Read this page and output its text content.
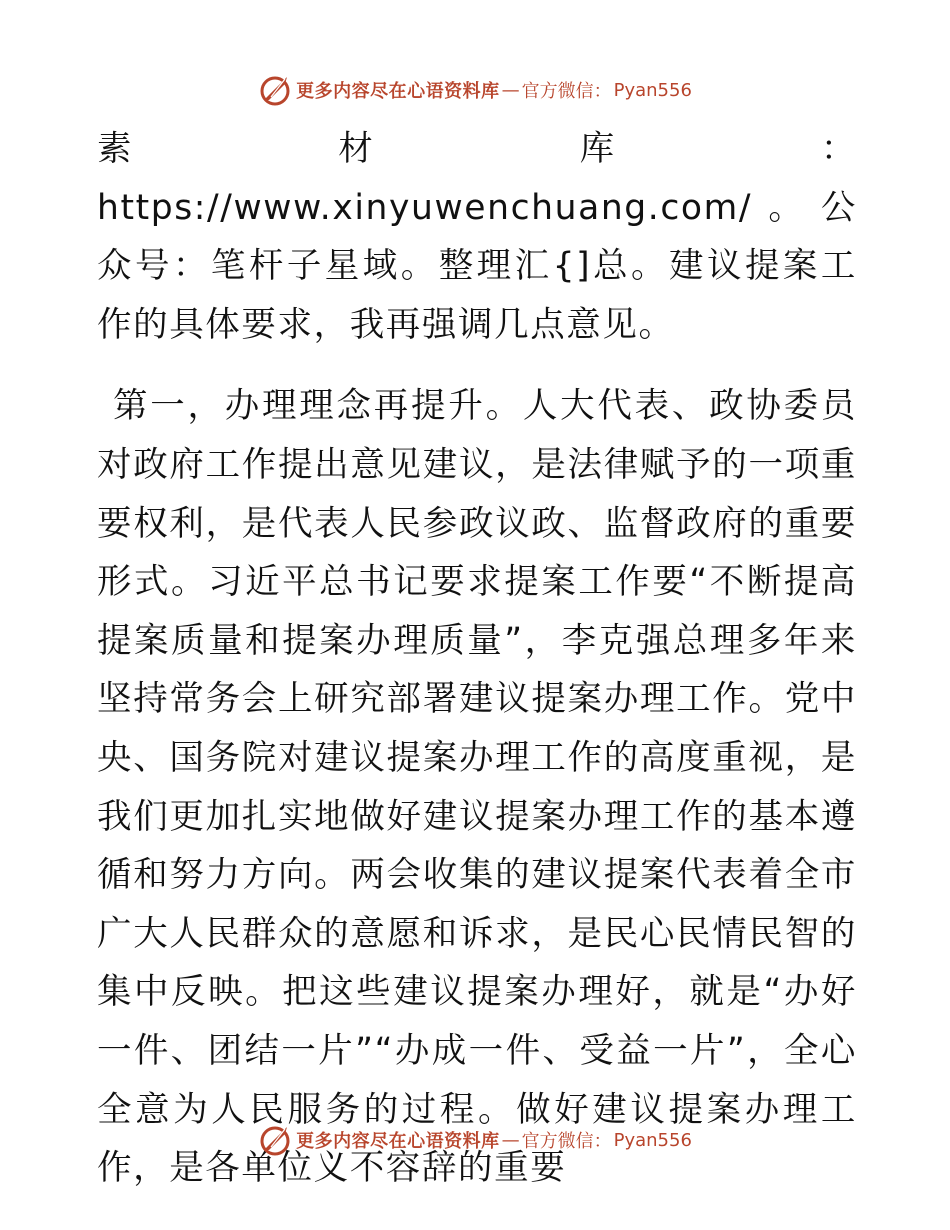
更多内容尽在心语资料库 — 官方微信： Pyan556

素材库：https://www.xinyuwenchuang.com/。公众号：笔杆子星域。整理汇{]总。建议提案工作的具体要求，我再强调几点意见。

第一，办理理念再提升。人大代表、政协委员对政府工作提出意见建议，是法律赋予的一项重要权利，是代表人民参政议政、监督政府的重要形式。习近平总书记要求提案工作要“不断提高提案质量和提案办理质量”，李克强总理多年来坚持常务会上研究部署建议提案办理工作。党中央、国务院对建议提案办理工作的高度重视，是我们更加扎实地做好建议提案办理工作的基本遵循和努力方向。两会收集的建议提案代表着全市广大人民群众的意愿和诉求，是民心民情民智的集中反映。把这些建议提案办理好，就是“办好一件、团结一片”“办成一件、受益一片”，全心全意为人民服务的过程。做好建议提案办理工作，是各单位义不容辞的重要

更多内容尽在心语资料库 — 官方微信： Pyan556
